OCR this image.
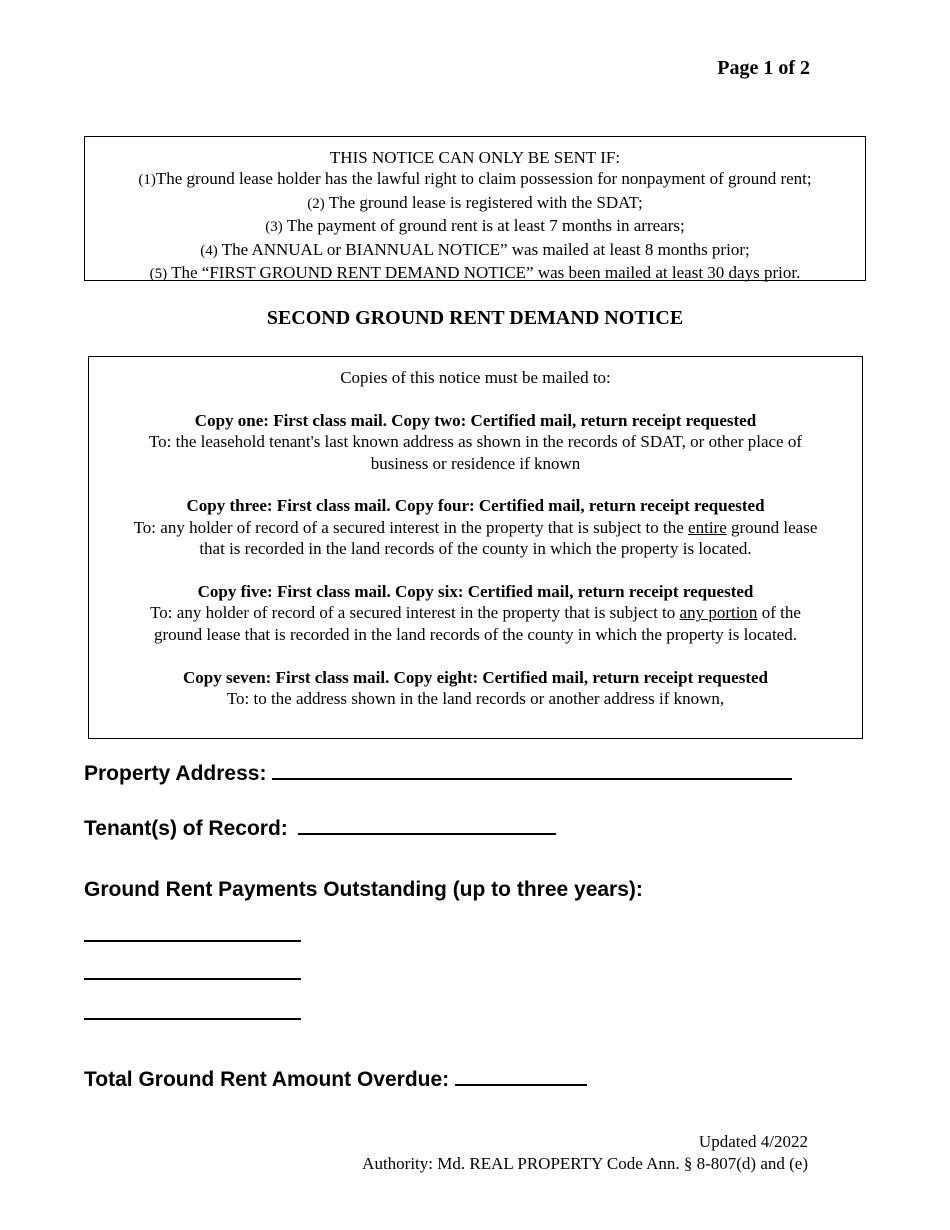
Page 1 of 2
THIS NOTICE CAN ONLY BE SENT IF:
(1)The ground lease holder has the lawful right to claim possession for nonpayment of ground rent;
(2) The ground lease is registered with the SDAT;
(3) The payment of ground rent is at least 7 months in arrears;
(4) The ANNUAL or BIANNUAL NOTICE” was mailed at least 8 months prior;
(5) The “FIRST GROUND RENT DEMAND NOTICE” was been mailed at least 30 days prior.
SECOND GROUND RENT DEMAND NOTICE
Copies of this notice must be mailed to:
Copy one: First class mail. Copy two: Certified mail, return receipt requested
To: the leasehold tenant's last known address as shown in the records of SDAT, or other place of
business or residence if known
Copy three: First class mail. Copy four: Certified mail, return receipt requested
To: any holder of record of a secured interest in the property that is subject to the entire ground lease
that is recorded in the land records of the county in which the property is located.
Copy five: First class mail. Copy six: Certified mail, return receipt requested
To: any holder of record of a secured interest in the property that is subject to any portion of the
ground lease that is recorded in the land records of the county in which the property is located.
Copy seven: First class mail. Copy eight: Certified mail, return receipt requested
To: to the address shown in the land records or another address if known,
Property Address:
Tenant(s) of Record:
Ground Rent Payments Outstanding (up to three years):
Total Ground Rent Amount Overdue:
Updated 4/2022
Authority: Md. REAL PROPERTY Code Ann. § 8-807(d) and (e)
